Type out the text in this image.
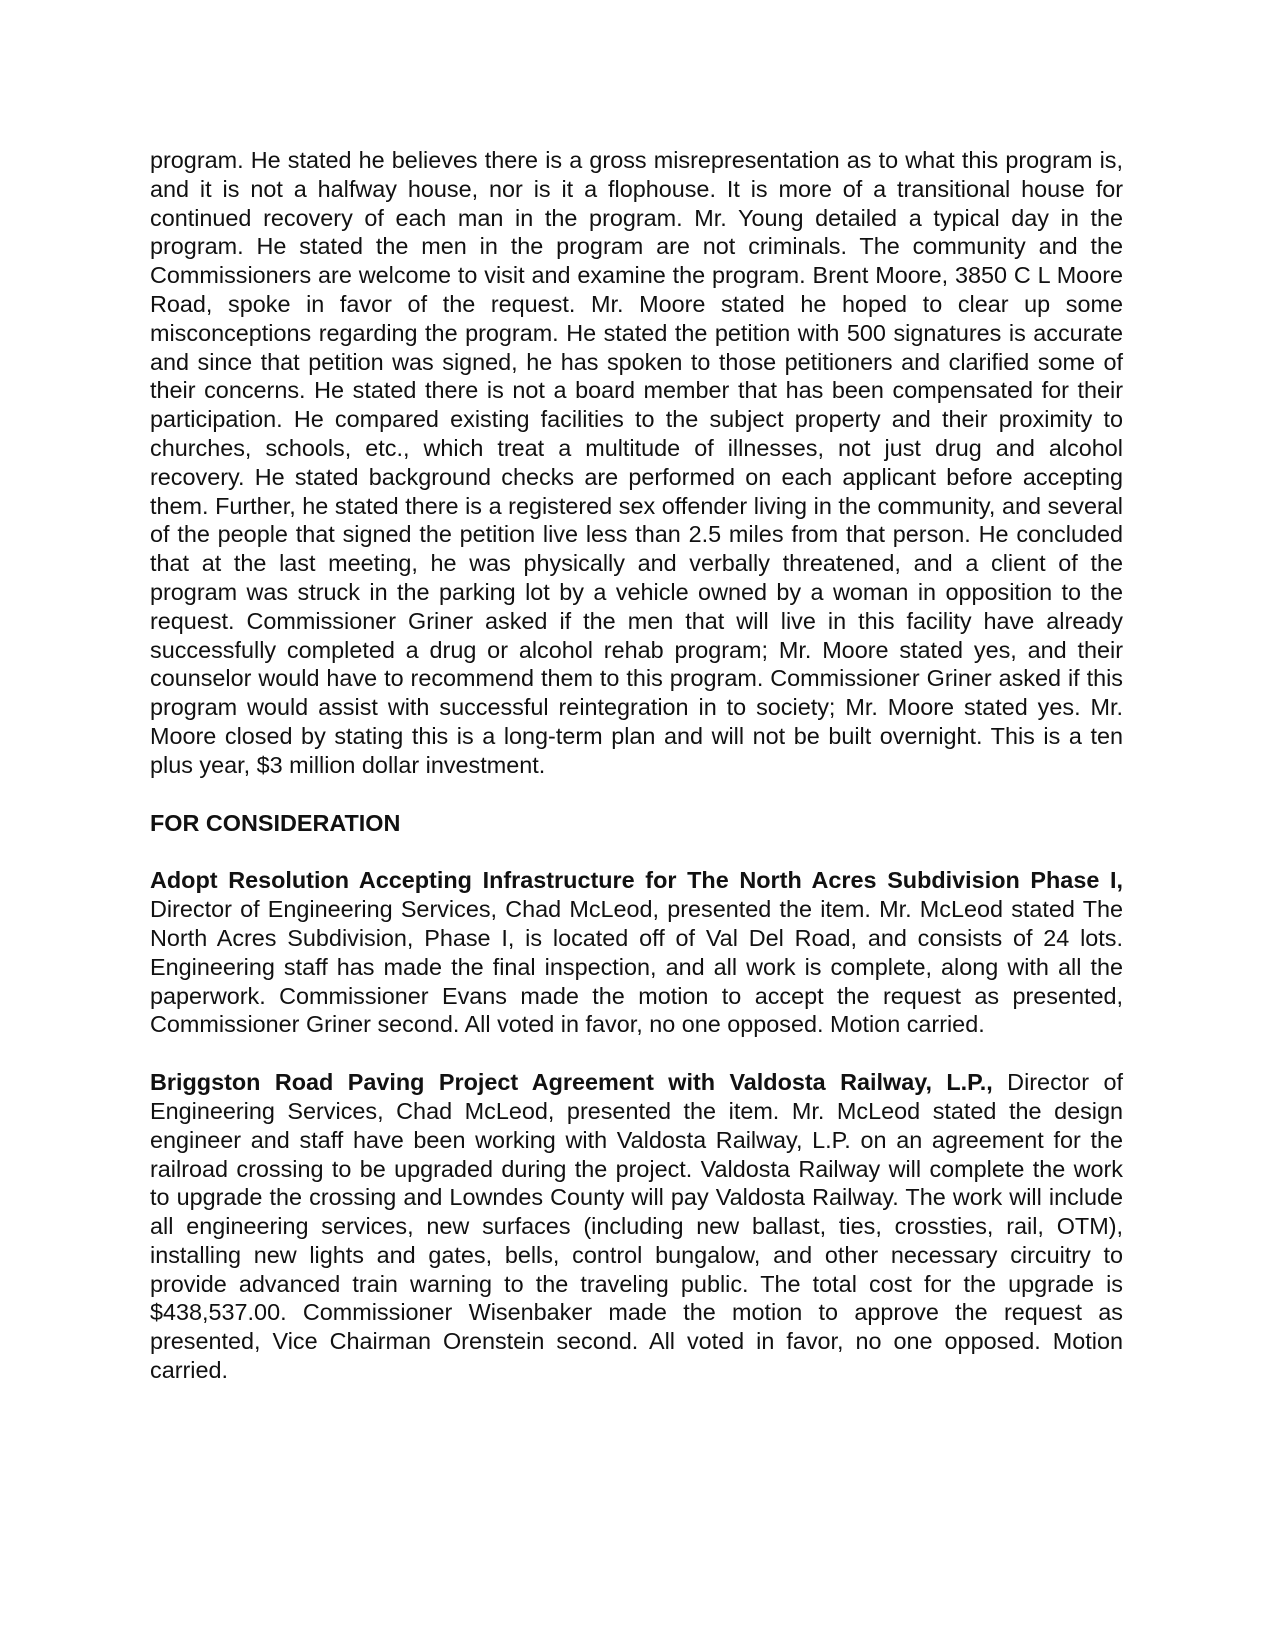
program. He stated he believes there is a gross misrepresentation as to what this program is, and it is not a halfway house, nor is it a flophouse. It is more of a transitional house for continued recovery of each man in the program. Mr. Young detailed a typical day in the program. He stated the men in the program are not criminals. The community and the Commissioners are welcome to visit and examine the program. Brent Moore, 3850 C L Moore Road, spoke in favor of the request. Mr. Moore stated he hoped to clear up some misconceptions regarding the program. He stated the petition with 500 signatures is accurate and since that petition was signed, he has spoken to those petitioners and clarified some of their concerns. He stated there is not a board member that has been compensated for their participation. He compared existing facilities to the subject property and their proximity to churches, schools, etc., which treat a multitude of illnesses, not just drug and alcohol recovery. He stated background checks are performed on each applicant before accepting them. Further, he stated there is a registered sex offender living in the community, and several of the people that signed the petition live less than 2.5 miles from that person. He concluded that at the last meeting, he was physically and verbally threatened, and a client of the program was struck in the parking lot by a vehicle owned by a woman in opposition to the request. Commissioner Griner asked if the men that will live in this facility have already successfully completed a drug or alcohol rehab program; Mr. Moore stated yes, and their counselor would have to recommend them to this program. Commissioner Griner asked if this program would assist with successful reintegration in to society; Mr. Moore stated yes. Mr. Moore closed by stating this is a long-term plan and will not be built overnight. This is a ten plus year, $3 million dollar investment.

FOR CONSIDERATION

Adopt Resolution Accepting Infrastructure for The North Acres Subdivision Phase I, Director of Engineering Services, Chad McLeod, presented the item. Mr. McLeod stated The North Acres Subdivision, Phase I, is located off of Val Del Road, and consists of 24 lots. Engineering staff has made the final inspection, and all work is complete, along with all the paperwork. Commissioner Evans made the motion to accept the request as presented, Commissioner Griner second. All voted in favor, no one opposed. Motion carried.

Briggston Road Paving Project Agreement with Valdosta Railway, L.P., Director of Engineering Services, Chad McLeod, presented the item. Mr. McLeod stated the design engineer and staff have been working with Valdosta Railway, L.P. on an agreement for the railroad crossing to be upgraded during the project. Valdosta Railway will complete the work to upgrade the crossing and Lowndes County will pay Valdosta Railway. The work will include all engineering services, new surfaces (including new ballast, ties, crossties, rail, OTM), installing new lights and gates, bells, control bungalow, and other necessary circuitry to provide advanced train warning to the traveling public. The total cost for the upgrade is $438,537.00. Commissioner Wisenbaker made the motion to approve the request as presented, Vice Chairman Orenstein second. All voted in favor, no one opposed. Motion carried.
